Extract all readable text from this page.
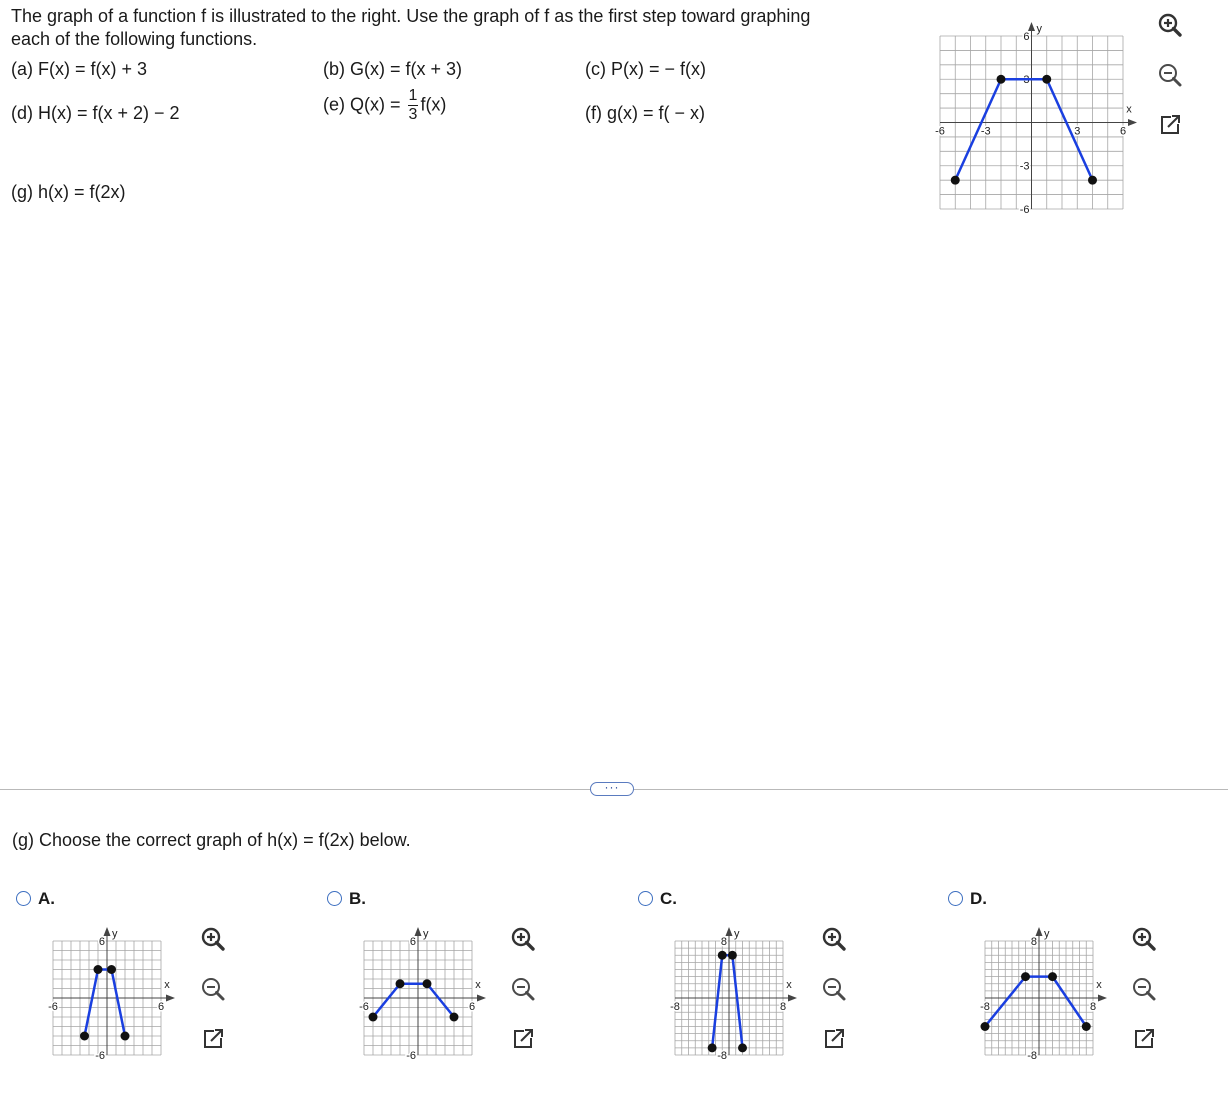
The graph of a function f is illustrated to the right. Use the graph of f as the first step toward graphing each of the following functions.
(a) F(x) = f(x) + 3	(b) G(x) = f(x + 3)	(c) P(x) = − f(x)
(d) H(x) = f(x + 2) − 2	(e) $Q(x) = \frac{1}{3} f(x)$	(f) g(x) = f( − x)
(g) h(x) = f(2x)
x
y
-6	-3	3	6
6
3
-3
-6
···
(g) Choose the correct graph of h(x) = f(2x) below.
A.	B.	C.	D.
x
y
-6	6
6
-6
x
y
-6	6
6
-6
x
y
-8	8
8
-8
x
y
-8	8
8
-8
